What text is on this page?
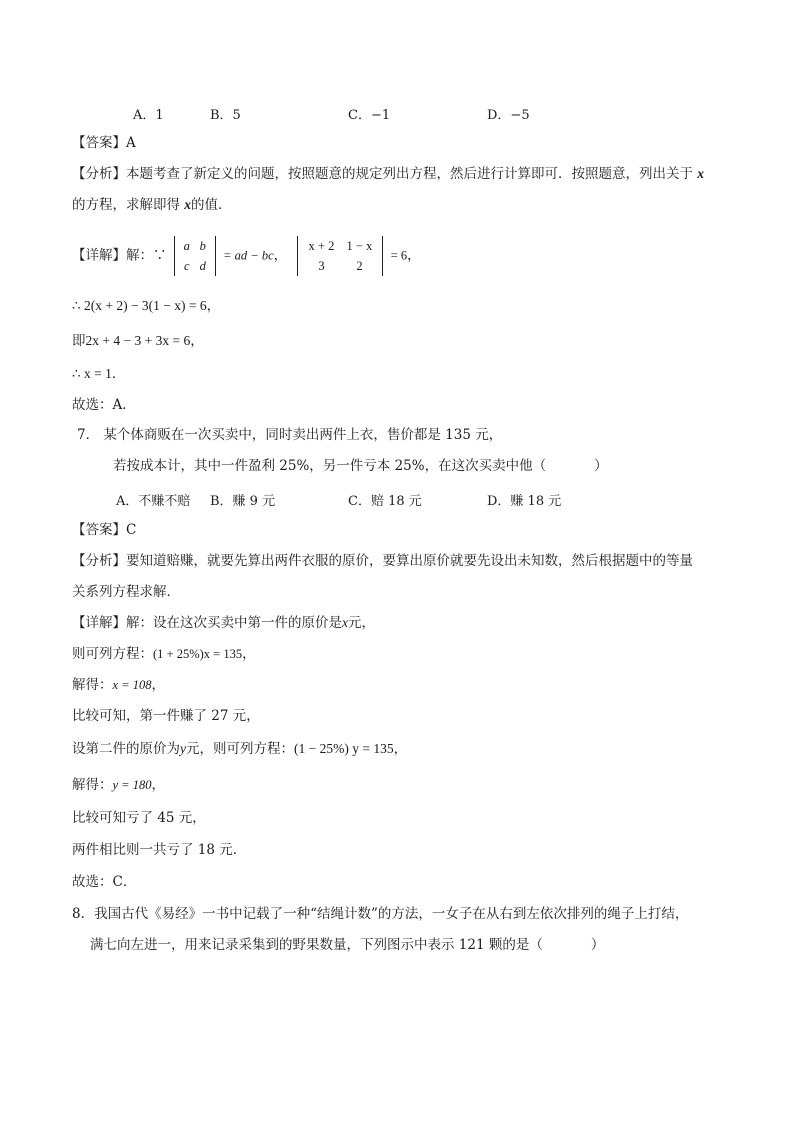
A．1	B．5	C．−1	D．−5
【答案】A
【分析】本题考查了新定义的问题，按照题意的规定列出方程，然后进行计算即可．按照题意，列出关于 x
的方程，求解即得 x的值．
【详解】解：∵
a b
c d
= ad − bc，
x + 2 1 − x
3	2
= 6，
∴ 2(x + 2) − 3(1 − x) = 6，
即2x + 4 − 3 + 3x = 6，
∴ x = 1．
故选：A．
7． 某个体商贩在一次买卖中，同时卖出两件上衣，售价都是 135 元，
若按成本计，其中一件盈利 25%，另一件亏本 25%，在这次买卖中他（	）
A．不赚不赔 B．赚 9 元	C．赔 18 元	D．赚 18 元
【答案】C
【分析】要知道赔赚，就要先算出两件衣服的原价，要算出原价就要先设出未知数，然后根据题中的等量
关系列方程求解．
【详解】解：设在这次买卖中第一件的原价是x元，
则可列方程：(1 + 25%)x = 135，
解得：x = 108，
比较可知，第一件赚了 27 元，
设第二件的原价为y元，则可列方程：(1 − 25%) y = 135，
解得：y = 180，
比较可知亏了 45 元，
两件相比则一共亏了 18 元．
故选：C．
8．我国古代《易经》一书中记载了一种“结绳计数”的方法，一女子在从右到左依次排列的绳子上打结，
满七向左进一，用来记录采集到的野果数量，下列图示中表示 121 颗的是（	）
